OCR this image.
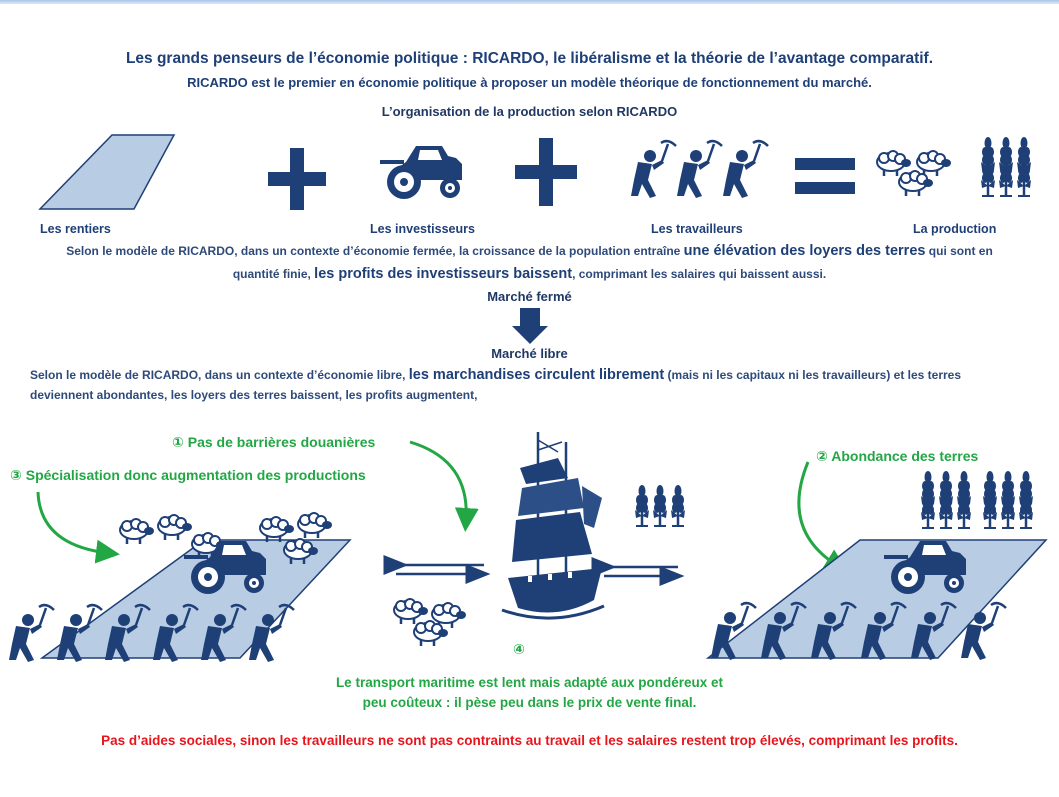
Les grands penseurs de l’économie politique : RICARDO, le libéralisme et la théorie de l’avantage comparatif.
RICARDO est le premier en économie politique à proposer un modèle théorique de fonctionnement du marché.
L’organisation de la production selon RICARDO
Les rentiers	Les investisseurs	Les travailleurs	La production
Selon le modèle de RICARDO, dans un contexte d’économie fermée, la croissance de la population entraîne une élévation des loyers des terres qui sont en
quantité finie, les profits des investisseurs baissent, comprimant les salaires qui baissent aussi.
Marché fermé
Marché libre
Selon le modèle de RICARDO, dans un contexte d’économie libre, les marchandises circulent librement (mais ni les capitaux ni les travailleurs) et les terres
deviennent abondantes, les loyers des terres baissent, les profits augmentent,
① Pas de barrières douanières
③ Spécialisation donc augmentation des productions
② Abondance des terres
④
Le transport maritime est lent mais adapté aux pondéreux et
peu coûteux : il pèse peu dans le prix de vente final.
Pas d’aides sociales, sinon les travailleurs ne sont pas contraints au travail et les salaires restent trop élevés, comprimant les profits.
